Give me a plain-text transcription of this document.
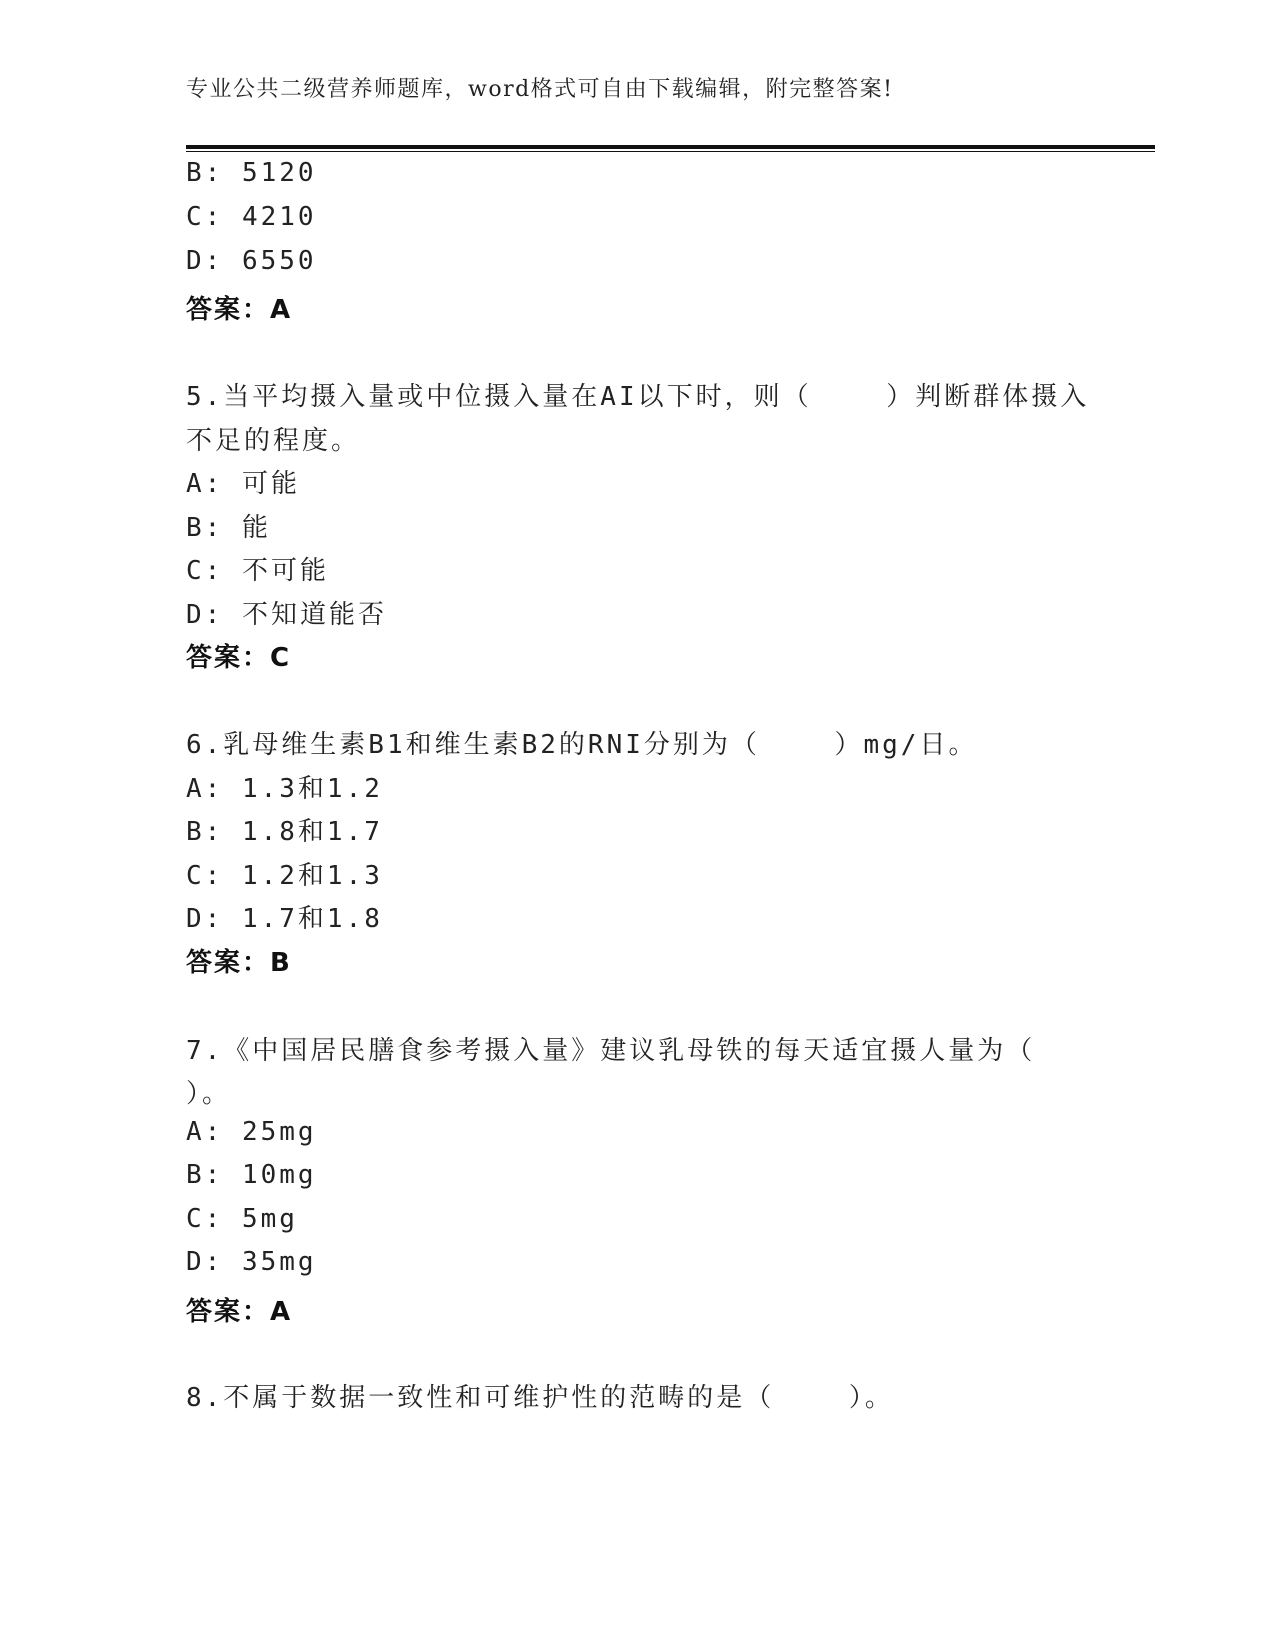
专业公共二级营养师题库，word格式可自由下载编辑，附完整答案!
B: 5120
C: 4210
D: 6550
答案：A
5.当平均摄入量或中位摄入量在AI以下时，则（    ）判断群体摄入
不足的程度。
A: 可能
B: 能
C: 不可能
D: 不知道能否
答案：C
6.乳母维生素B1和维生素B2的RNI分别为（    ）mg/日。
A: 1.3和1.2
B: 1.8和1.7
C: 1.2和1.3
D: 1.7和1.8
答案：B
7.《中国居民膳食参考摄入量》建议乳母铁的每天适宜摄人量为（
）。
A: 25mg
B: 10mg
C: 5mg
D: 35mg
答案：A
8.不属于数据一致性和可维护性的范畴的是（    ）。
